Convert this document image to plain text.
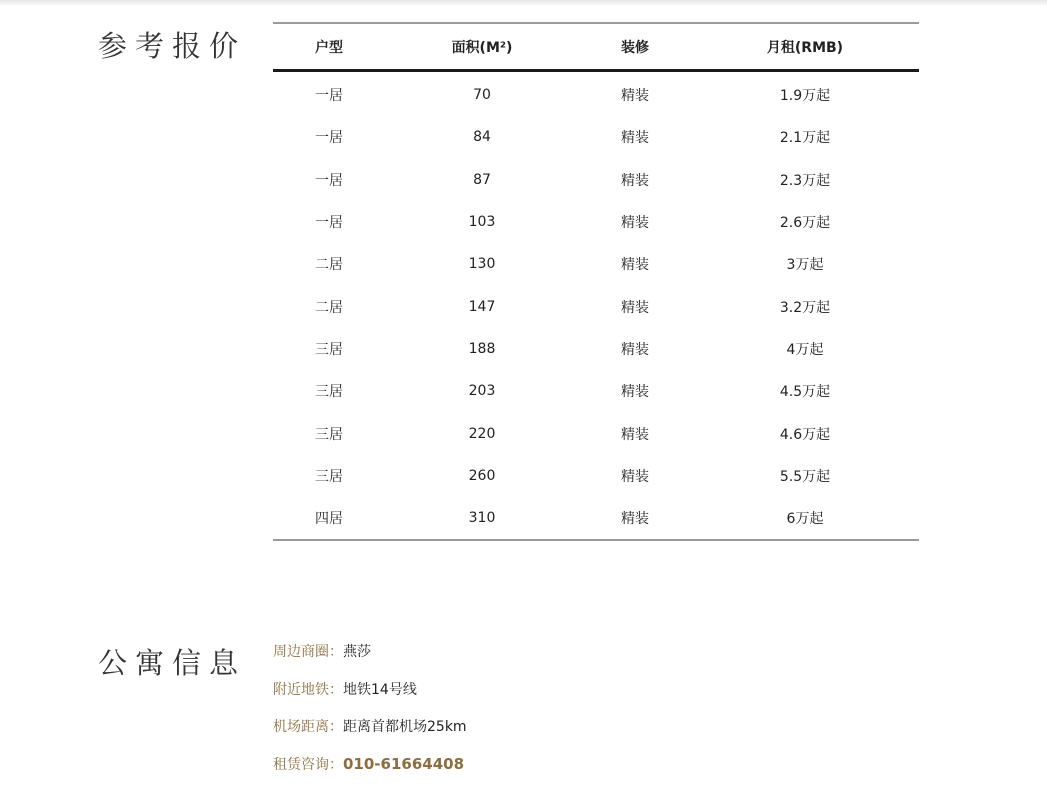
参考报价	户型	面积(M²)	装修	月租(RMB)
一居	70	精装	1.9万起
一居	84	精装	2.1万起
一居	87	精装	2.3万起
一居	103	精装	2.6万起
二居	130	精装	3万起
二居	147	精装	3.2万起
三居	188	精装	4万起
三居	203	精装	4.5万起
三居	220	精装	4.6万起
三居	260	精装	5.5万起
四居	310	精装	6万起
公寓信息 周边商圈：燕莎
附近地铁：地铁14号线
机场距离：距离首都机场25km
租赁咨询：010-61664408
